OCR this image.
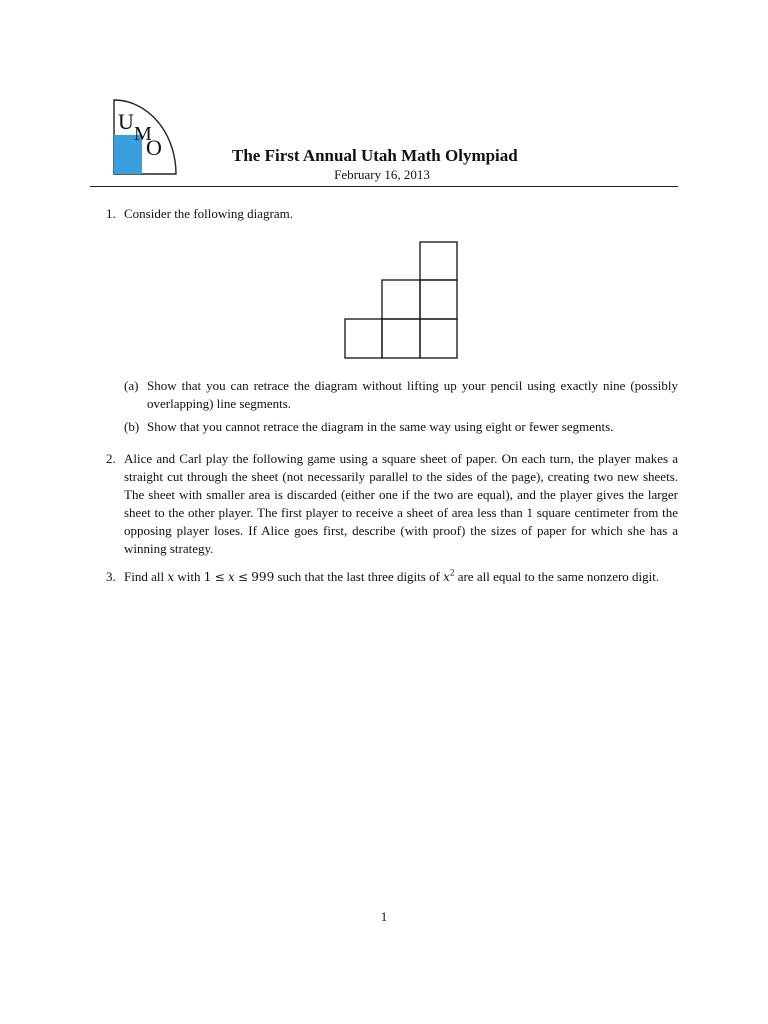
U M
O	The First Annual Utah Math Olympiad
February 16, 2013
1. Consider the following diagram.
(a) Show that you can retrace the diagram without lifting up your pencil using exactly nine (possibly overlapping) line segments.
(b) Show that you cannot retrace the diagram in the same way using eight or fewer segments.
2. Alice and Carl play the following game using a square sheet of paper. On each turn, the player makes a straight cut through the sheet (not necessarily parallel to the sides of the page), creating two new sheets. The sheet with smaller area is discarded (either one if the two are equal), and the player gives the larger sheet to the other player. The first player to receive a sheet of area less than 1 square centimeter from the opposing player loses. If Alice goes first, describe (with proof) the sizes of paper for which she has a winning strategy.
3. Find all x with 1 ≤ x ≤ 999 such that the last three digits of $x^2$ are all equal to the same nonzero digit.
1
